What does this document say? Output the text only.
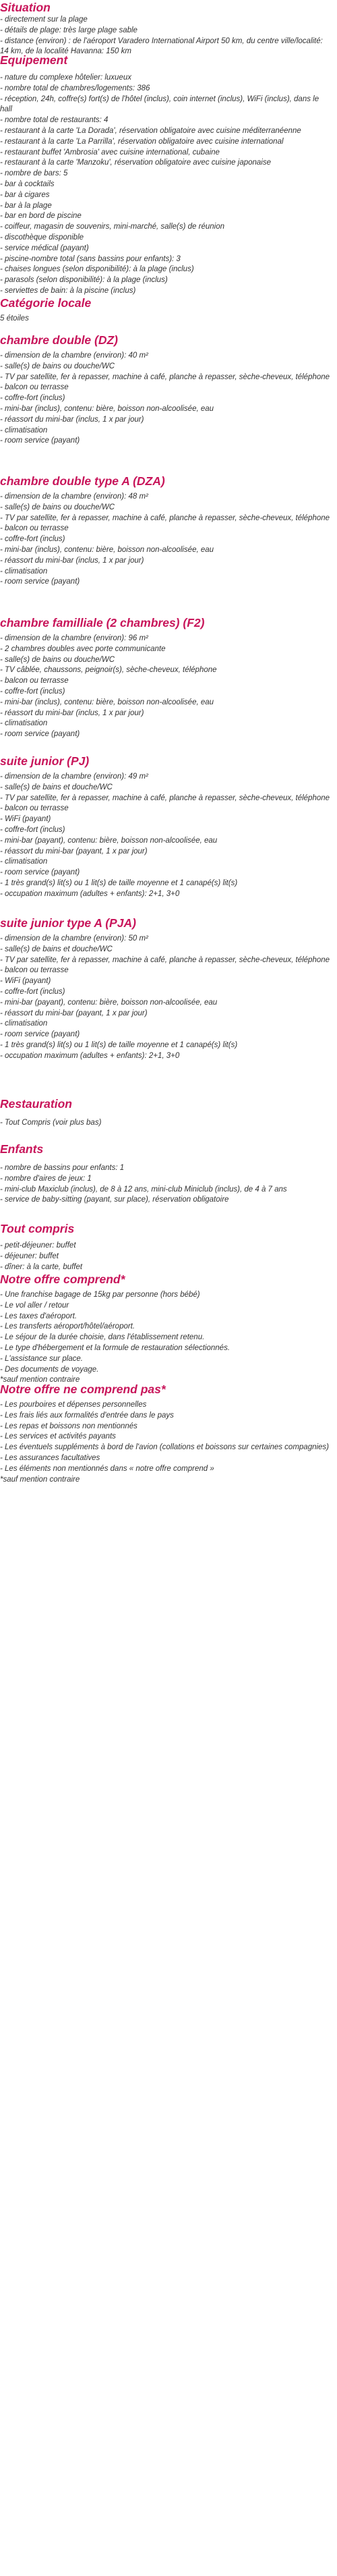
Situation

- directement sur la plage

- détails de plage: très large plage sable

- distance (environ) : de l'aéroport Varadero International Airport 50 km, du centre ville/localité: 14 km, de la localité Havanna: 150 km

Equipement

- nature du complexe hôtelier: luxueux

- nombre total de chambres/logements: 386

- réception, 24h, coffre(s) fort(s) de l'hôtel (inclus), coin internet (inclus), WiFi (inclus), dans le hall

- nombre total de restaurants: 4

- restaurant à la carte 'La Dorada', réservation obligatoire avec cuisine méditerranéenne

- restaurant à la carte 'La Parrilla', réservation obligatoire avec cuisine international

- restaurant buffet 'Ambrosia' avec cuisine international, cubaine

- restaurant à la carte 'Manzoku', réservation obligatoire avec cuisine japonaise

- nombre de bars: 5

- bar à cocktails

- bar à cigares

- bar à la plage

- bar en bord de piscine

- coiffeur, magasin de souvenirs, mini-marché, salle(s) de réunion

- discothèque disponible

- service médical (payant)

- piscine-nombre total (sans bassins pour enfants): 3

- chaises longues (selon disponibilité): à la plage (inclus)

- parasols (selon disponibilité): à la plage (inclus)

- serviettes de bain: à la piscine (inclus)

Catégorie locale

5 étoiles

chambre double (DZ)

- dimension de la chambre (environ): 40 m²

- salle(s) de bains ou douche/WC

- TV par satellite, fer à repasser, machine à café, planche à repasser, sèche-cheveux, téléphone

- balcon ou terrasse

- coffre-fort (inclus)

- mini-bar (inclus), contenu: bière, boisson non-alcoolisée, eau

- réassort du mini-bar (inclus, 1 x par jour)

- climatisation

- room service (payant)

chambre double type A (DZA)

- dimension de la chambre (environ): 48 m²

- salle(s) de bains ou douche/WC

- TV par satellite, fer à repasser, machine à café, planche à repasser, sèche-cheveux, téléphone

- balcon ou terrasse

- coffre-fort (inclus)

- mini-bar (inclus), contenu: bière, boisson non-alcoolisée, eau

- réassort du mini-bar (inclus, 1 x par jour)

- climatisation

- room service (payant)

chambre familliale (2 chambres) (F2)

- dimension de la chambre (environ): 96 m²

- 2 chambres doubles avec porte communicante

- salle(s) de bains ou douche/WC

- TV câblée, chaussons, peignoir(s), sèche-cheveux, téléphone

- balcon ou terrasse

- coffre-fort (inclus)

- mini-bar (inclus), contenu: bière, boisson non-alcoolisée, eau

- réassort du mini-bar (inclus, 1 x par jour)

- climatisation

- room service (payant)

suite junior (PJ)

- dimension de la chambre (environ): 49 m²

- salle(s) de bains et douche/WC

- TV par satellite, fer à repasser, machine à café, planche à repasser, sèche-cheveux, téléphone

- balcon ou terrasse

- WiFi (payant)

- coffre-fort (inclus)

- mini-bar (payant), contenu: bière, boisson non-alcoolisée, eau

- réassort du mini-bar (payant, 1 x par jour)

- climatisation

- room service (payant)

- 1 très grand(s) lit(s) ou 1 lit(s) de taille moyenne et 1 canapé(s) lit(s)

- occupation maximum (adultes + enfants): 2+1, 3+0

suite junior type A (PJA)

- dimension de la chambre (environ): 50 m²

- salle(s) de bains et douche/WC

- TV par satellite, fer à repasser, machine à café, planche à repasser, sèche-cheveux, téléphone

- balcon ou terrasse

- WiFi (payant)

- coffre-fort (inclus)

- mini-bar (payant), contenu: bière, boisson non-alcoolisée, eau

- réassort du mini-bar (payant, 1 x par jour)

- climatisation

- room service (payant)

- 1 très grand(s) lit(s) ou 1 lit(s) de taille moyenne et 1 canapé(s) lit(s)

- occupation maximum (adultes + enfants): 2+1, 3+0

Restauration

- Tout Compris (voir plus bas)

Enfants

- nombre de bassins pour enfants: 1

- nombre d'aires de jeux: 1

- mini-club Maxiclub (inclus), de 8 à 12 ans, mini-club Miniclub (inclus), de 4 à 7 ans

- service de baby-sitting (payant, sur place), réservation obligatoire

Tout compris

- petit-déjeuner: buffet

- déjeuner: buffet

- dîner: à la carte, buffet

Notre offre comprend*

- Une franchise bagage de 15kg par personne (hors bébé)

- Le vol aller / retour

- Les taxes d'aéroport.

- Les transferts aéroport/hôtel/aéroport.

- Le séjour de la durée choisie, dans l'établissement retenu.

- Le type d'hébergement et la formule de restauration sélectionnés.

- L'assistance sur place.

- Des documents de voyage.

*sauf mention contraire

Notre offre ne comprend pas*

- Les pourboires et dépenses personnelles

- Les frais liés aux formalités d'entrée dans le pays

- Les repas et boissons non mentionnés

- Les services et activités payants

- Les éventuels suppléments à bord de l'avion (collations et boissons sur certaines compagnies)

- Les assurances facultatives

- Les éléments non mentionnés dans « notre offre comprend »

*sauf mention contraire
